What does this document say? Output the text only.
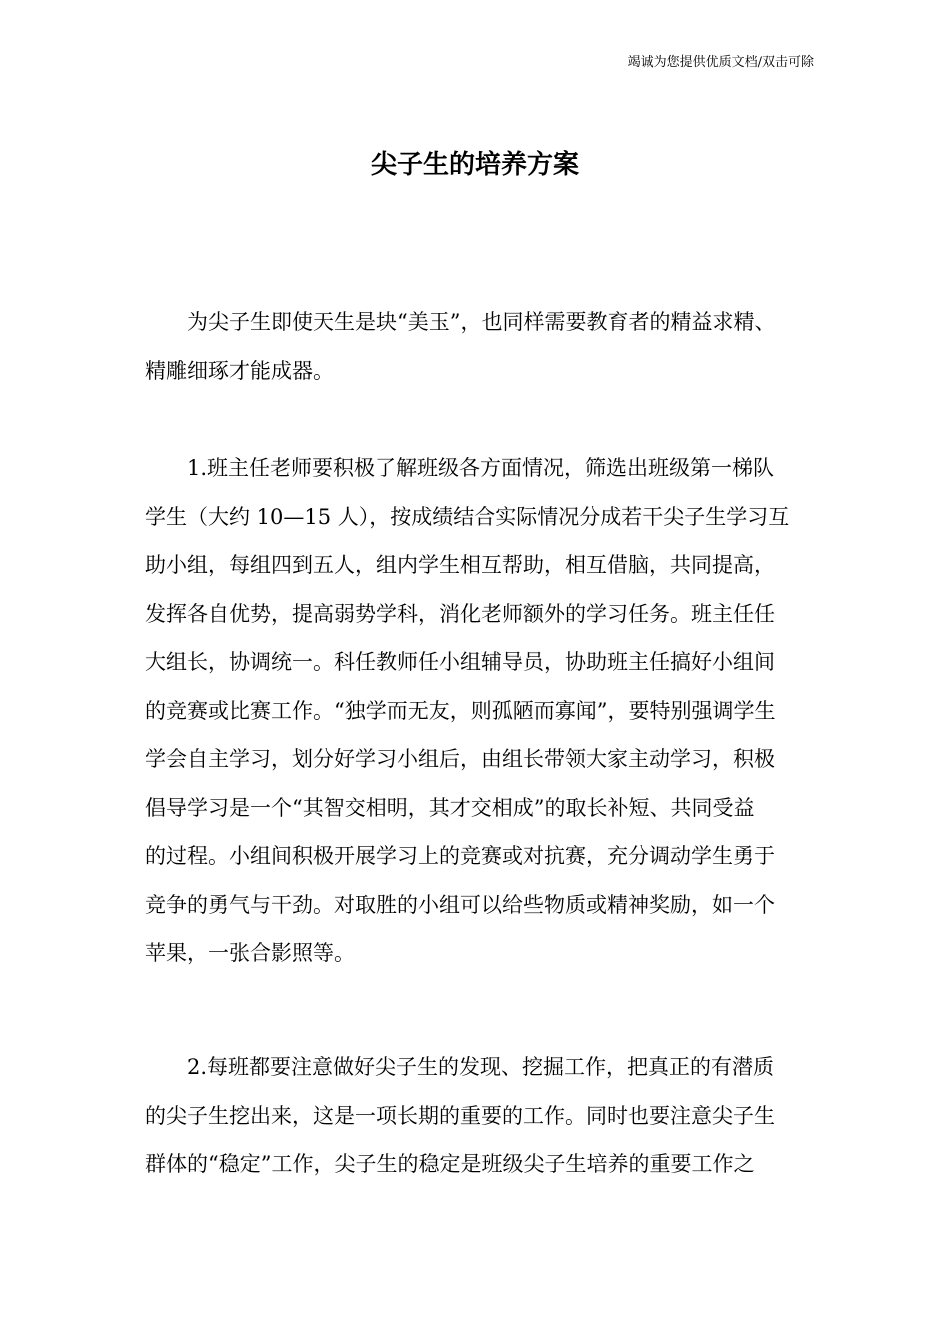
竭诚为您提供优质文档/双击可除
尖子生的培养方案
为尖子生即使天生是块“美玉”，也同样需要教育者的精益求精、
精雕细琢才能成器。
1.班主任老师要积极了解班级各方面情况，筛选出班级第一梯队
学生（大约 10—15 人），按成绩结合实际情况分成若干尖子生学习互
助小组，每组四到五人，组内学生相互帮助，相互借脑，共同提高，
发挥各自优势，提高弱势学科，消化老师额外的学习任务。班主任任
大组长，协调统一。科任教师任小组辅导员，协助班主任搞好小组间
的竞赛或比赛工作。“独学而无友，则孤陋而寡闻”，要特别强调学生
学会自主学习，划分好学习小组后，由组长带领大家主动学习，积极
倡导学习是一个“其智交相明，其才交相成”的取长补短、共同受益
的过程。小组间积极开展学习上的竞赛或对抗赛，充分调动学生勇于
竞争的勇气与干劲。对取胜的小组可以给些物质或精神奖励，如一个
苹果，一张合影照等。
2.每班都要注意做好尖子生的发现、挖掘工作，把真正的有潜质
的尖子生挖出来，这是一项长期的重要的工作。同时也要注意尖子生
群体的“稳定”工作，尖子生的稳定是班级尖子生培养的重要工作之
